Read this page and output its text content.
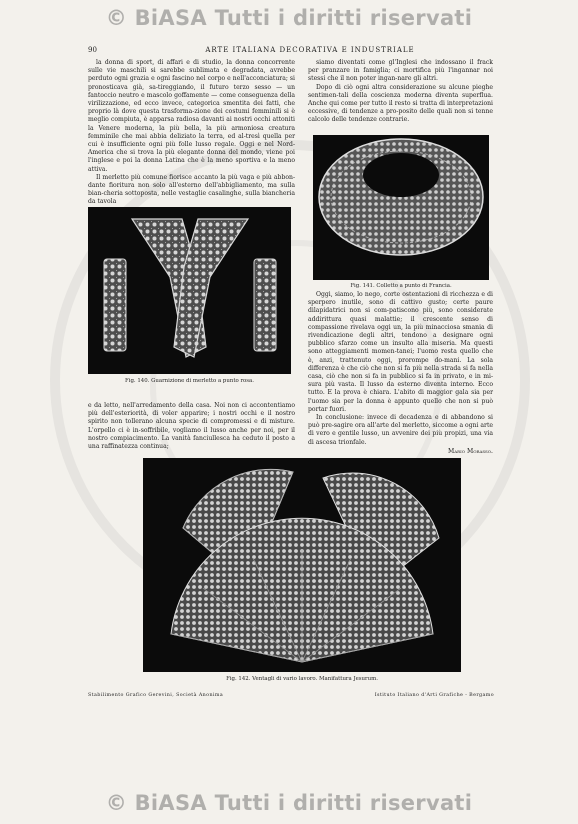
© BiASA Tutti i diritti riservati
90	ARTE ITALIANA DECORATIVA E INDUSTRIALE

la donna di sport, di affari e di studio, la donna concorrente sulle vie maschili si sarebbe sublimata e degradata, avrebbe perduto ogni grazia e ogni fascino nel corpo e nell'acconciatura; si pronosticava già, sa-tireggiando, il futuro terzo sesso — un fantoccio neutro e mascolo goffamente — come conseguenza della virilizzazione, ed ecco invece, categorica smentita dei fatti, che proprio là dove questa trasforma-zione dei costumi femminili si è meglio compiuta, è apparsa radiosa davanti ai nostri occhi attoniti la Venere moderna, la più bella, la più armoniosa creatura femminile che mai abbia deliziato la terra, ed al-tresì quella per cui è insufficiente ogni più folle lusso regale. Oggi e nel Nord-America che si trova la più elegante donna del mondo, viene poi l'inglese e poi la donna Latina che è la meno sportiva e la meno attiva.

Il merletto più comune fiorisce accanto la più vaga e più abbon-dante fioritura non solo all'esterno dell'abbigliamento, ma sulla bian-cheria sottoposta, nelle vestaglie casalinghe, sulla biancheria da tavola

siamo diventati come gl'Inglesi che indossano il frack per pranzare in famiglia; ci mortifica più l'ingannar noi stessi che il non poter ingan-nare gli altri.

Dopo di ciò ogni altra considerazione su alcune pieghe sentimen-tali della coscienza moderna diventa superflua. Anche qui come per tutto il resto si tratta di interpretazioni eccessive, di tendenze a pro-posito delle quali non si tenne calcolo delle tendenze contrarie.

Fig. 140. Guarnizione di merletto a punto rosa.
Fig. 141. Colletto a punto di Francia.

e da letto, nell'arredamento della casa. Noi non ci accontentiamo più dell'esteriorità, di voler apparire; i nostri occhi e il nostro spirito non tollerano alcuna specie di compromessi e di misture. L'orpello ci è in-soffribile, vogliamo il lusso anche per noi, per il nostro compiacimento. La vanità fanciullesca ha ceduto il posto a una raffinatezza continua;

Oggi, siamo, lo nego, corte ostentazioni di ricchezza e di sperpero inutile, sono di cattivo gusto; certe paure dilapidatrici non si com-patiscono più, sono considerate addirittura quasi malattie; il crescente senso di compassione rivelava oggi un, la più minacciosa smania di rivendicazione degli altri, tendono a designare ogni pubblico sfarzo come un insulto alla miseria. Ma questi sono atteggiamenti momen-tanei; l'uomo resta quello che è, anzi, trattenuto oggi, prorompe do-mani. La sola differenza è che ciò che non si fa più nella strada si fa nella casa, ciò che non si fa in pubblico si fa in privato, e in mi-sura più vasta. Il lusso da esterno diventa interno. Ecco tutto. E la prova è chiara. L'abito di maggior gala sia per l'uomo sia per la donna è appunto quello che non si può portar fuori.

In conclusione: invece di decadenza e di abbandono si può pre-sagire ora all'arte del merletto, siccome a ogni arte di vero e gentile lusso, un avvenire dei più propizi, una via di ascesa trionfale.

Mario Morasso.
Fig. 142. Ventagli di vario lavoro. Manifattura Jesurum.
Stabilimento Grafico Gerevini, Società Anonima	Istituto Italiano d'Arti Grafiche - Bergamo
© BiASA Tutti i diritti riservati
